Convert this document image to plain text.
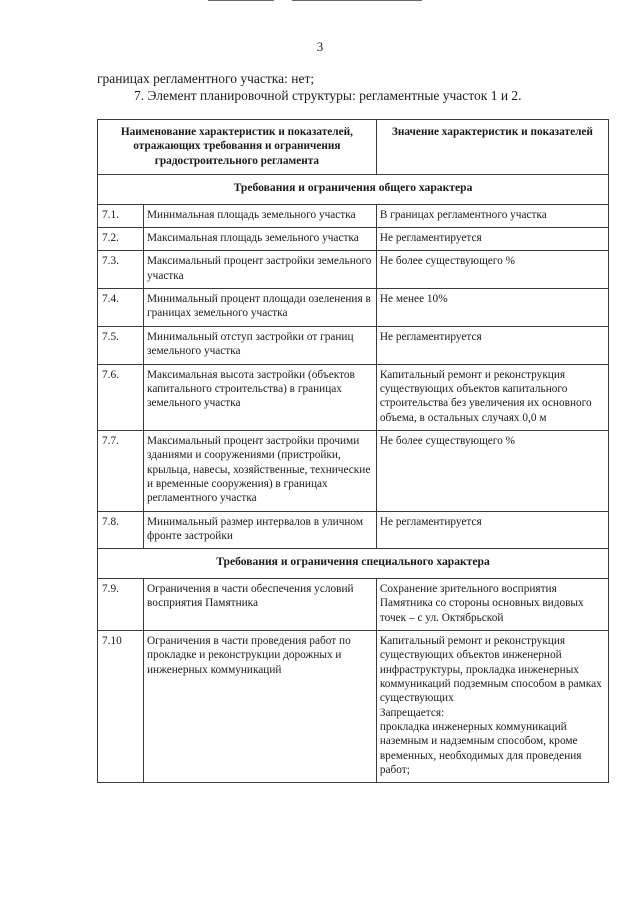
3
границах регламентного участка: нет;
7. Элемент планировочной структуры: регламентные участок 1 и 2.
Наименование характеристик и показателей, отражающих требования и ограничения градостроительного регламента		Значение характеристик и показателей
Требования и ограничения общего характера		
7.1.	Минимальная площадь земельного участка	В границах регламентного участка
7.2.	Максимальная площадь земельного участка	Не регламентируется
7.3.	Максимальный процент застройки земельного участка	Не более существующего %
7.4.	Минимальный процент площади озеленения в границах земельного участка	Не менее 10%
7.5.	Минимальный отступ застройки от границ земельного участка	Не регламентируется
7.6.	Максимальная высота застройки (объектов капитального строительства) в границах земельного участка	Капитальный ремонт и реконструкция существующих объектов капитального строительства без увеличения их основного объема, в остальных случаях 0,0 м
7.7.	Максимальный процент застройки прочими зданиями и сооружениями (пристройки, крыльца, навесы, хозяйственные, технические и временные сооружения) в границах регламентного участка	Не более существующего %
7.8.	Минимальный размер интервалов в уличном фронте застройки	Не регламентируется
Требования и ограничения специального характера		
7.9.	Ограничения в части обеспечения условий восприятия Памятника	Сохранение зрительного восприятия Памятника со стороны основных видовых точек – с ул. Октябрьской
7.10	Ограничения в части проведения работ по прокладке и реконструкции дорожных и инженерных коммуникаций	Капитальный ремонт и реконструкция существующих объектов инженерной инфраструктуры, прокладка инженерных коммуникаций подземным способом в рамках существующих
Запрещается:
прокладка инженерных коммуникаций наземным и надземным способом, кроме временных, необходимых для проведения работ;
